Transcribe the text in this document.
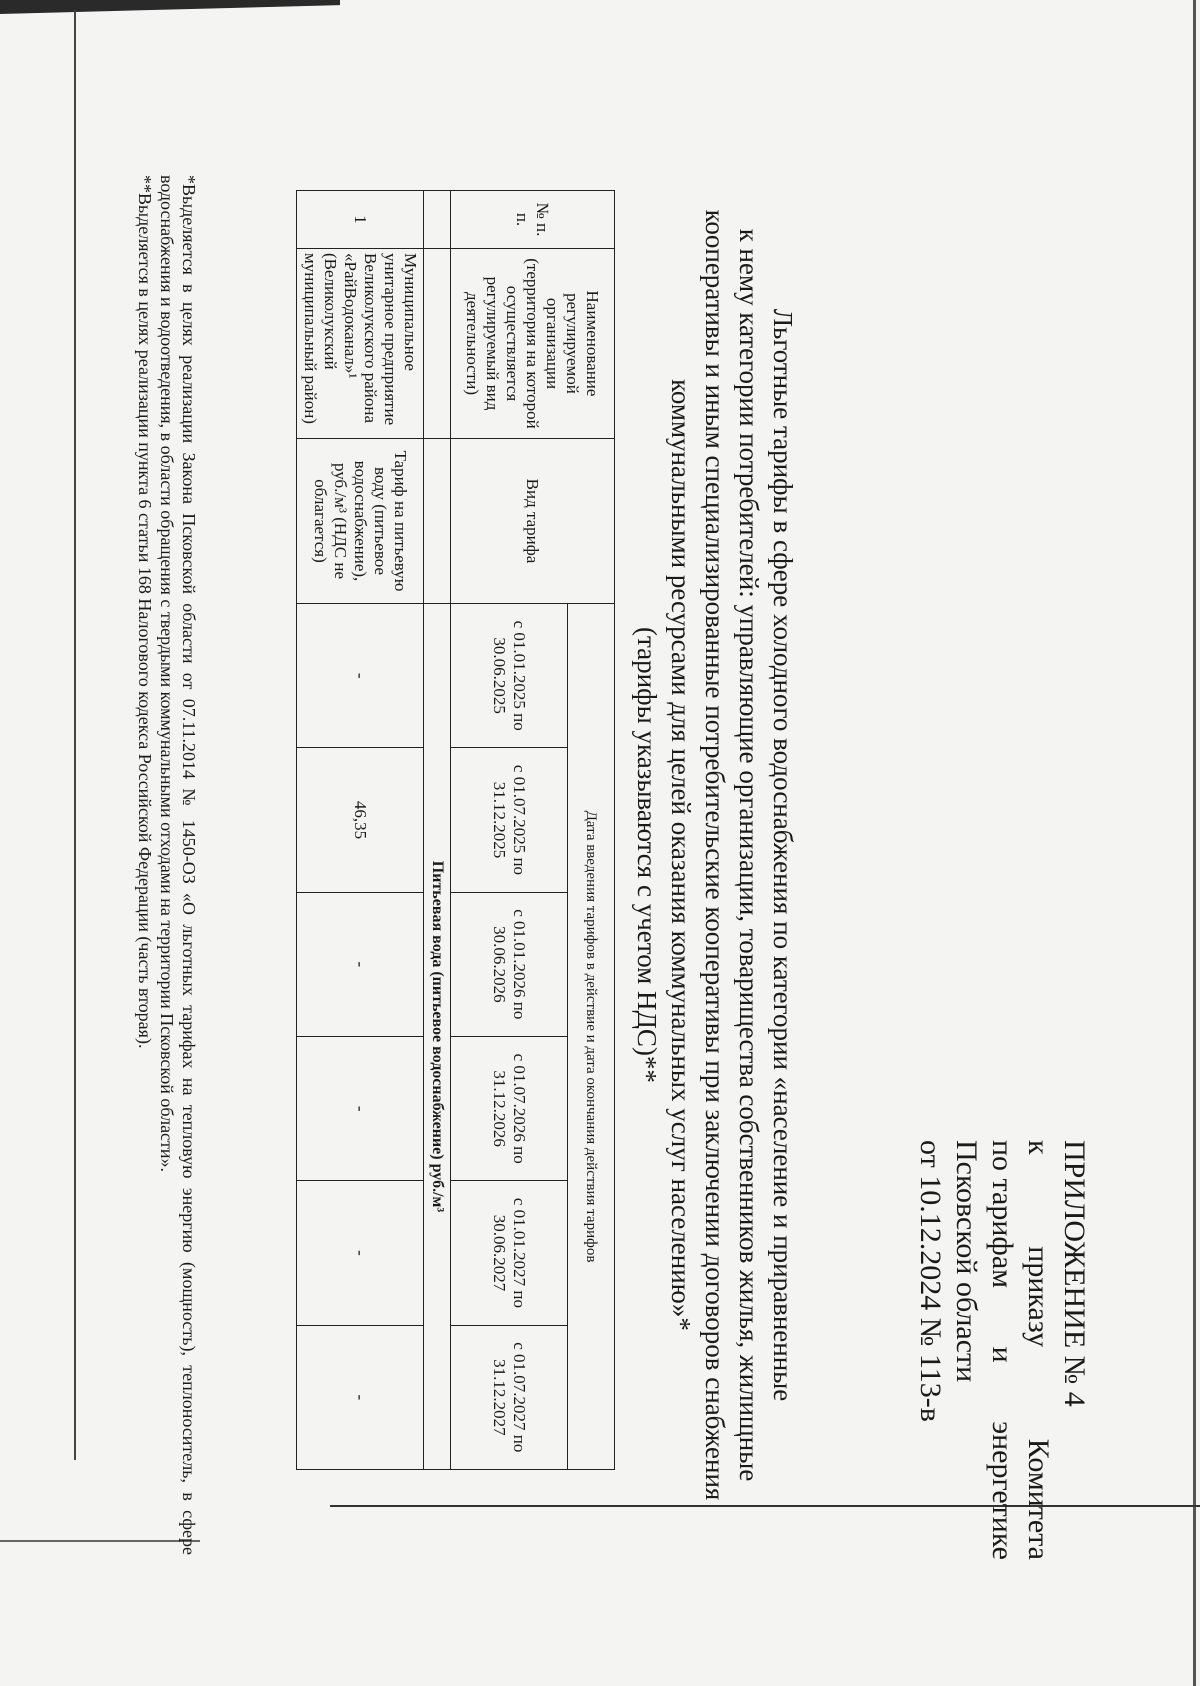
ПРИЛОЖЕНИЕ № 4
к
приказу
Комитета
по тарифам
и
энергетике
Псковской области
от 10.12.2024 № 113-в

Льготные тарифы в сфере холодного водоснабжения по категории «население и приравненные

к нему категории потребителей: управляющие организации, товарищества собственников жилья, жилищные

кооперативы и иным специализированные потребительские кооперативы при заключении договоров снабжения

коммунальными ресурсами для целей оказания коммунальных услуг населению»*

(тарифы указываются с учетом НДС)**

№ п. п.	Наименование регулируемой организации (территория на которой осуществляется регулируемый вид деятельности)	Вид тарифа	Дата введения тарифов в действие и дата окончания действия тарифов					
			с 01.01.2025 по 30.06.2025	с 01.07.2025 по 31.12.2025	с 01.01.2026 по 30.06.2026	с 01.07.2026 по 31.12.2026	с 01.01.2027 по 30.06.2027	с 01.07.2027 по 31.12.2027
			Питьевая вода (питьевое водоснабжение) руб./м³					
1	Муниципальное унитарное предприятие Великолукского района «РайВодоканал»¹ (Великолукский муниципальный район)	Тариф на питьевую воду (питьевое водоснабжение), руб./м³ (НДС не облагается)	-	46,35	-	-	-	-

*Выделяется в целях реализации Закона Псковской области от 07.11.2014 № 1450-ОЗ «О льготных тарифах на тепловую энергию (мощность), теплоноситель, в сфере водоснабжения и водоотведения, в области обращения с твердыми коммунальными отходами на территории Псковской области».

**Выделяется в целях реализации пункта 6 статьи 168 Налогового кодекса Российской Федерации (часть вторая).
